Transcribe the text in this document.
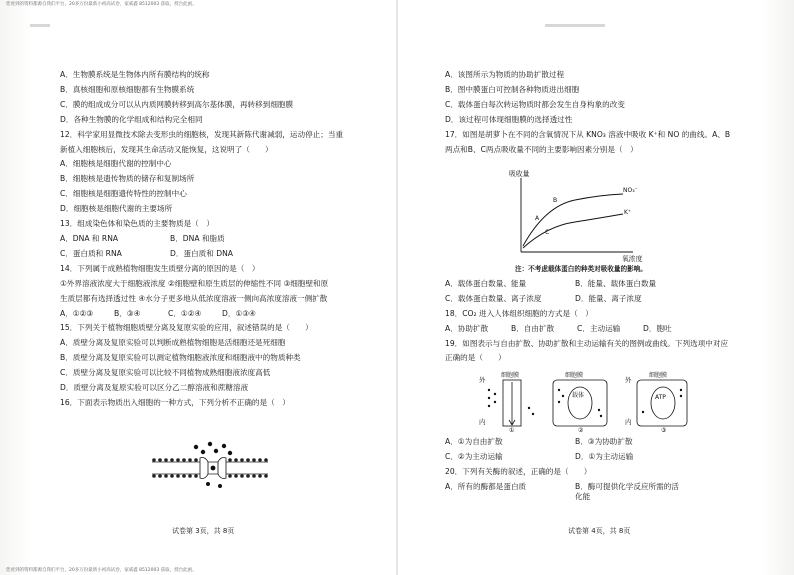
您看到的资料都源自我们平台，20多万份最新小初高试卷，家威鑫 8512003 获取，授台此函。
A．生物膜系统是生物体内所有膜结构的统称
B．真核细胞和原核细胞都有生物膜系统
C．膜的组成成分可以从内质网膜转移到高尔基体膜，再转移到细胞膜
D．各种生物膜的化学组成和结构完全相同
12．科学家用显微技术除去变形虫的细胞核，发现其新陈代谢减弱，运动停止；当重
新植入细胞核后，发现其生命活动又能恢复，这说明了（　　）
A．细胞核是细胞代谢的控制中心
B．细胞核是遗传物质的储存和复制场所
C．细胞核是细胞遗传特性的控制中心
D．细胞核是细胞代谢的主要场所
13．组成染色体和染色质的主要物质是（　）
A．DNA 和 RNA	B．DNA 和脂质
C．蛋白质和 RNA	D．蛋白质和 DNA
14．下列属于成熟植物细胞发生质壁分离的原因的是（　）
①外界溶液浓度大于细胞液浓度 ②细胞壁和原生质层的伸缩性不同 ③细胞壁和原
生质层都有选择透过性 ④水分子更多地从低浓度溶液一侧向高浓度溶液一侧扩散
A．①②③	B．③④	C．①②④	D．①③④
15．下列关于植物细胞质壁分离及复原实验的应用，叙述错误的是（　　）
A．质壁分离及复原实验可以判断成熟植物细胞是活细胞还是死细胞
B．质壁分离及复原实验可以测定植物细胞液浓度和细胞液中的物质种类
C．质壁分离及复原实验可以比较不同植物成熟细胞液浓度高低
D．质壁分离及复原实验可以区分乙二醇溶液和蔗糖溶液
16．下面表示物质出入细胞的一种方式，下列分析不正确的是（　）
试卷第 3页，共 8页
A．该图所示为物质的协助扩散过程
B．图中膜蛋白可控制各种物质进出细胞
C．载体蛋白每次转运物质时都会发生自身构象的改变
D．该过程可体现细胞膜的选择透过性
17．如图是胡萝卜在不同的含氧情况下从 KNO₃ 溶液中吸收 K⁺和 NO 的曲线。A、B
两点和B、C两点吸收量不同的主要影响因素分别是（　）
吸收量
NO₃⁻
K⁺
A
B
C
氧浓度
注：不考虑载体蛋白的种类对吸收量的影响。
A．载体蛋白数量、能量	B．能量、载体蛋白数量
C．载体蛋白数量、离子浓度	D．能量、离子浓度
18．CO₂ 进入人体组织细胞的方式是（　）
A．协助扩散	B．自由扩散	C．主动运输	D．胞吐
19．如图表示与自由扩散、协助扩散和主动运输有关的图例或曲线。下列选项中对应
正确的是（　　）
外
内
细胞膜	细胞膜
载体
外
内
细胞膜
ATP
①	②	③
A．①为自由扩散	B．③为协助扩散
C．②为主动运输	D．①为主动运输
20．下列有关酶的叙述，正确的是（　　）
A．所有的酶都是蛋白质	B．酶可提供化学反应所需的活化能
试卷第 4页，共 8页
您看到的资料都源自我们平台，20多万份最新小初高试卷，家威鑫 8512003 获取，授台此函。
